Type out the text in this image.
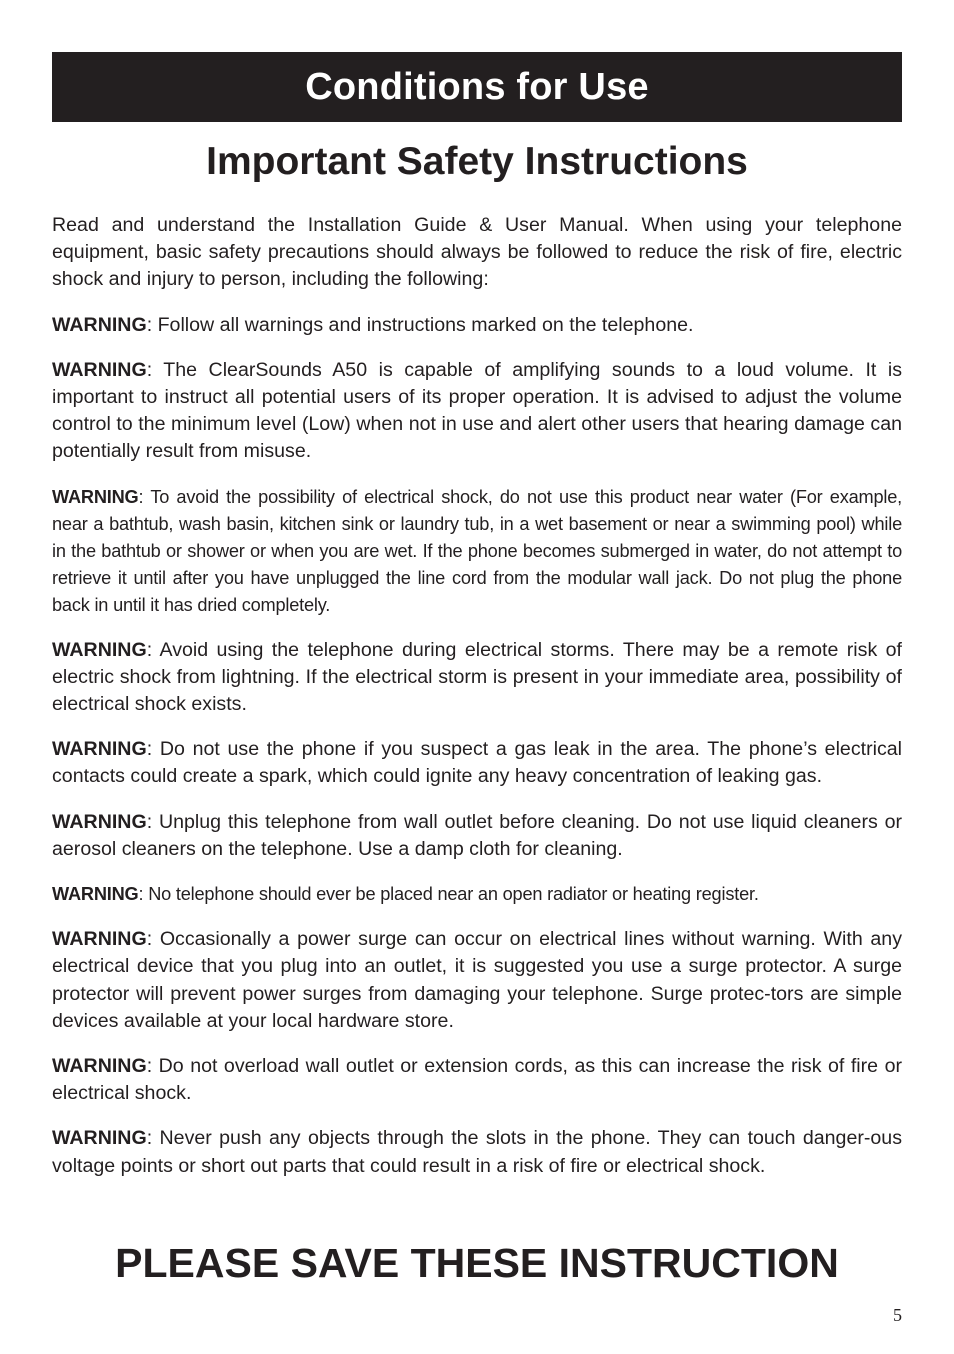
Conditions for Use
Important Safety Instructions

Read and understand the Installation Guide & User Manual. When using your telephone equipment, basic safety precautions should always be followed to reduce the risk of fire, electric shock and injury to person, including the following:

WARNING: Follow all warnings and instructions marked on the telephone.

WARNING: The ClearSounds A50 is capable of amplifying sounds to a loud volume. It is important to instruct all potential users of its proper operation. It is advised to adjust the volume control to the minimum level (Low) when not in use and alert other users that hearing damage can potentially result from misuse.

WARNING: To avoid the possibility of electrical shock, do not use this product near water (For example, near a bathtub, wash basin, kitchen sink or laundry tub, in a wet basement or near a swimming pool) while in the bathtub or shower or when you are wet. If the phone becomes submerged in water, do not attempt to retrieve it until after you have unplugged the line cord from the modular wall jack. Do not plug the phone back in until it has dried completely.

WARNING: Avoid using the telephone during electrical storms. There may be a remote risk of electric shock from lightning. If the electrical storm is present in your immediate area, possibility of electrical shock exists.

WARNING: Do not use the phone if you suspect a gas leak in the area. The phone’s electrical contacts could create a spark, which could ignite any heavy concentration of leaking gas.

WARNING: Unplug this telephone from wall outlet before cleaning. Do not use liquid cleaners or aerosol cleaners on the telephone. Use a damp cloth for cleaning.

WARNING: No telephone should ever be placed near an open radiator or heating register.

WARNING: Occasionally a power surge can occur on electrical lines without warning. With any electrical device that you plug into an outlet, it is suggested you use a surge protector. A surge protector will prevent power surges from damaging your telephone. Surge protec-tors are simple devices available at your local hardware store.

WARNING: Do not overload wall outlet or extension cords, as this can increase the risk of fire or electrical shock.

WARNING: Never push any objects through the slots in the phone. They can touch danger-ous voltage points or short out parts that could result in a risk of fire or electrical shock.

PLEASE SAVE THESE INSTRUCTION
5
